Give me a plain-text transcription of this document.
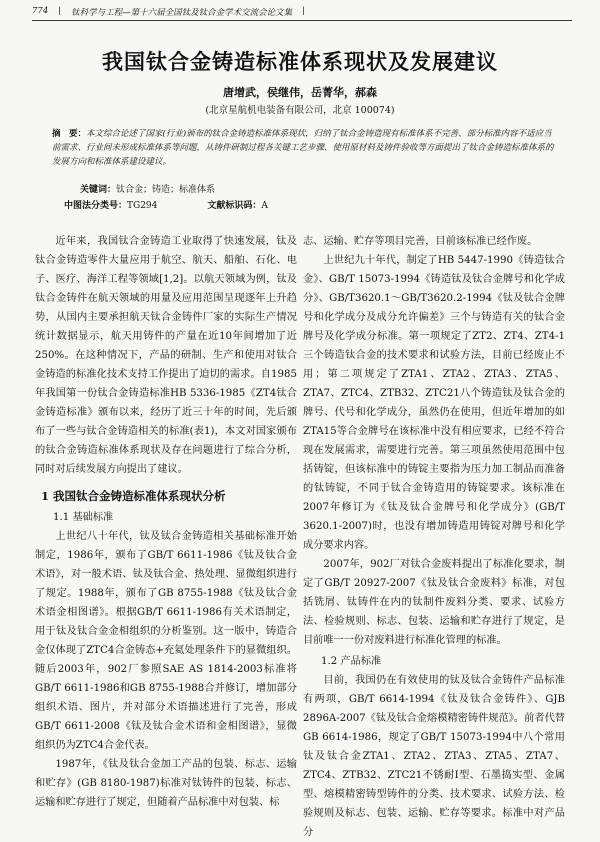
774 | 钛科学与工程—第十六届全国钛及钛合金学术交流会论文集 |
我国钛合金铸造标准体系现状及发展建议
唐增武，侯继伟，岳菁华，郝森
(北京星航机电装备有限公司，北京 100074)
摘　要：本文综合论述了国家(行业)颁布的钛合金铸造标准体系现状，归纳了钛合金铸造现有标准体系不完善、部分标准内容不适应当前需求、行业间未形成标准体系等问题，从铸件研制过程各关键工艺步骤、使用原材料及铸件验收等方面提出了钛合金铸造标准体系的发展方向和标准体系建设建议。
关键词：钛合金；铸造；标准体系
中图法分类号：TG294	文献标识码：A

近年来，我国钛合金铸造工业取得了快速发展，钛及钛合金铸造零件大量应用于航空、航天、船舶、石化、电子、医疗、海洋工程等领域[1,2]。以航天领域为例，钛及钛合金铸件在航天领域的用量及应用范围呈现逐年上升趋势，从国内主要承担航天钛合金铸件厂家的实际生产情况统计数据显示，航天用铸件的产量在近10年间增加了近250%。在这种情况下，产品的研制、生产和使用对钛合金铸造的标准化技术支持工作提出了迫切的需求。自1985年我国第一份钛合金铸造标准HB 5336-1985《ZT4钛合金铸造标准》颁布以来，经历了近三十年的时间，先后颁布了一些与钛合金铸造相关的标准(表1)，本文对国家颁布的钛合金铸造标准体系现状及存在问题进行了综合分析，同时对后续发展方向提出了建议。

1 我国钛合金铸造标准体系现状分析
1.1 基础标准

上世纪八十年代，钛及钛合金铸造相关基础标准开始制定，1986年，颁布了GB/T 6611-1986《钛及钛合金术语》，对一般术语、钛及钛合金、热处理、显微组织进行了规定。1988年，颁布了GB 8755-1988《钛及钛合金术语金相图谱》。根据GB/T 6611-1986有关术语制定，用于钛及钛合金金相组织的分析鉴别。这一版中，铸造合金仅体现了ZTC4合金铸态+充氦处理条件下的显微组织。随后2003年，902厂参照SAE AS 1814-2003标准将GB/T 6611-1986和GB 8755-1988合并修订，增加部分组织术语、图片，并对部分术语描述进行了完善，形成GB/T 6611-2008《钛及钛合金术语和金相图谱》，显微组织仍为ZTC4合金代表。

1987年，《钛及钛合金加工产品的包装、标志、运输和贮存》(GB 8180-1987)标准对钛铸件的包装、标志、运输和贮存进行了规定，但随着产品标准中对包装、标

志、运输、贮存等项目完善，目前该标准已经作废。

上世纪九十年代，制定了HB 5447-1990《铸造钛合金》、GB/T 15073-1994《铸造钛及钛合金牌号和化学成分》、GB/T3620.1～GB/T3620.2-1994《钛及钛合金牌号和化学成分及成分允许偏差》三个与铸造有关的钛合金牌号及化学成分标准。第一项规定了ZT2、ZT4、ZT4-1三个铸造钛合金的技术要求和试验方法，目前已经废止不用；第二项规定了ZTA1、ZTA2、ZTA3、ZTA5、ZTA7、ZTC4、ZTB32、ZTC21八个铸造钛及钛合金的牌号、代号和化学成分，虽然仍在使用，但近年增加的如ZTA15等合金牌号在该标准中没有相应要求，已经不符合现在发展需求，需要进行完善。第三项虽然使用范围中包括铸锭，但该标准中的铸锭主要指为压力加工制品而准备的钛铸锭，不同于钛合金铸造用的铸锭要求。该标准在2007年修订为《钛及钛合金牌号和化学成分》(GB/T 3620.1-2007)时，也没有增加铸造用铸锭对牌号和化学成分要求内容。

2007年，902厂对钛合金废料提出了标准化要求，制定了GB/T 20927-2007《钛及钛合金废料》标准，对包括铣屑、钛铸件在内的钛制件废料分类、要求、试验方法、检验规则、标志、包装、运输和贮存进行了规定，是目前唯一一份对废料进行标准化管理的标准。

1.2 产品标准

目前，我国仍在有效使用的钛及钛合金铸件产品标准有两项，GB/T 6614-1994《钛及钛合金铸件》、GJB 2896A-2007《钛及钛合金熔模精密铸件规范》。前者代替GB 6614-1986，规定了GB/T 15073-1994中八个常用钛及钛合金ZTA1、ZTA2、ZTA3、ZTA5、ZTA7、ZTC4、ZTB32、ZTC21不锈耐I型、石墨捣实型、金属型、熔模精密铸型铸件的分类、技术要求、试验方法、检验规则及标志、包装、运输、贮存等要求。标准中对产品分
